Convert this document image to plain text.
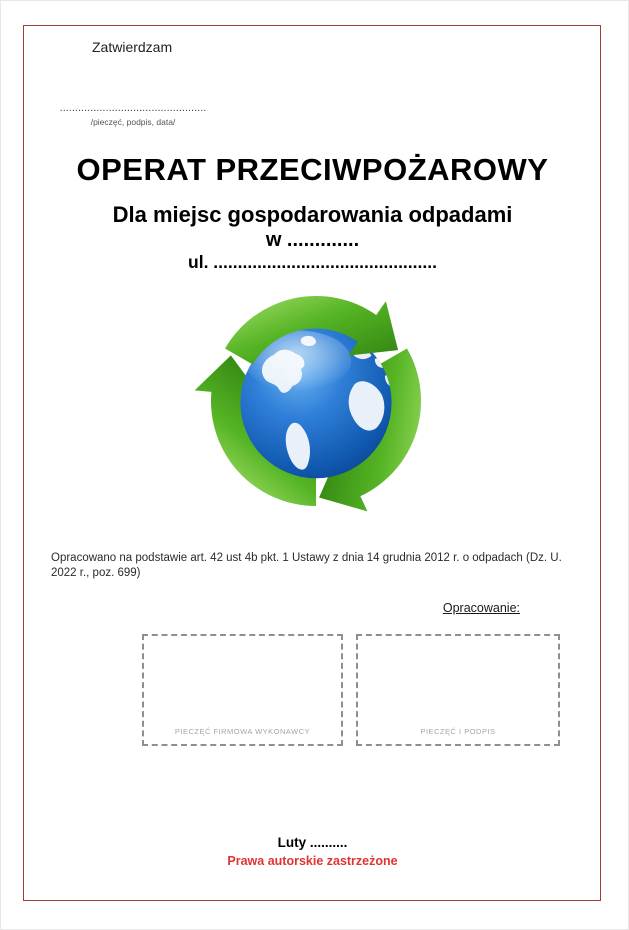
Zatwierdzam
................................................
/pieczęć, podpis, data/
OPERAT PRZECIWPOŻAROWY
Dla miejsc gospodarowania odpadami
w .............
ul. ..............................................
Opracowano na podstawie art. 42 ust 4b pkt. 1 Ustawy z dnia 14 grudnia 2012 r. o odpadach (Dz. U. 2022 r., poz. 699)
Opracowanie:
PIECZĘĆ FIRMOWA WYKONAWCY	PIECZĘĆ I PODPIS
Luty ..........
Prawa autorskie zastrzeżone
